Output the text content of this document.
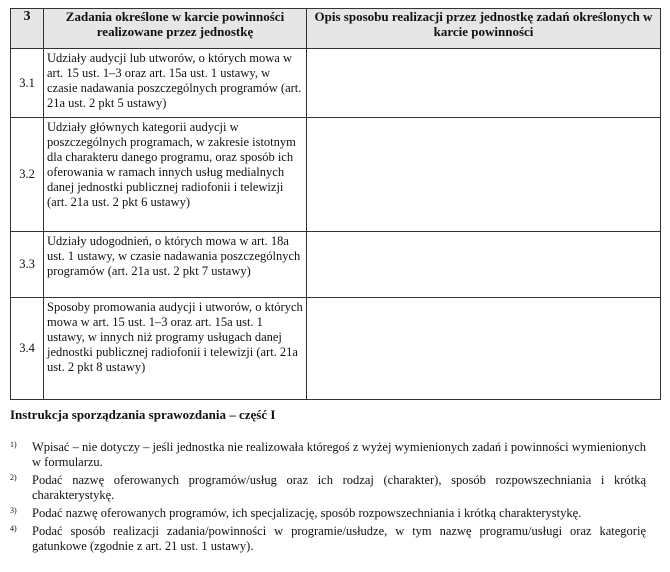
3	Zadania określone w karcie powinności realizowane przez jednostkę	Opis sposobu realizacji przez jednostkę zadań określonych w karcie powinności
3.1	Udziały audycji lub utworów, o których mowa w art. 15 ust. 1–3 oraz art. 15a ust. 1 ustawy, w czasie nadawania poszczególnych programów (art. 21a ust. 2 pkt 5 ustawy)	
3.2	Udziały głównych kategorii audycji w poszczególnych programach, w zakresie istotnym dla charakteru danego programu, oraz sposób ich oferowania w ramach innych usług medialnych danej jednostki publicznej radiofonii i telewizji (art. 21a ust. 2 pkt 6 ustawy)	
3.3	Udziały udogodnień, o których mowa w art. 18a ust. 1 ustawy, w czasie nadawania poszczególnych programów (art. 21a ust. 2 pkt 7 ustawy)	
3.4	Sposoby promowania audycji i utworów, o których mowa w art. 15 ust. 1–3 oraz art. 15a ust. 1 ustawy, w innych niż programy usługach danej jednostki publicznej radiofonii i telewizji (art. 21a ust. 2 pkt 8 ustawy)	
Instrukcja sporządzania sprawozdania – część I
1) Wpisać – nie dotyczy – jeśli jednostka nie realizowała któregoś z wyżej wymienionych zadań i powinności wymienionych w formularzu.
2) Podać nazwę oferowanych programów/usług oraz ich rodzaj (charakter), sposób rozpowszechniania i krótką charakterystykę.
3) Podać nazwę oferowanych programów, ich specjalizację, sposób rozpowszechniania i krótką charakterystykę.
4) Podać sposób realizacji zadania/powinności w programie/usłudze, w tym nazwę programu/usługi oraz kategorię gatunkowe (zgodnie z art. 21 ust. 1 ustawy).
